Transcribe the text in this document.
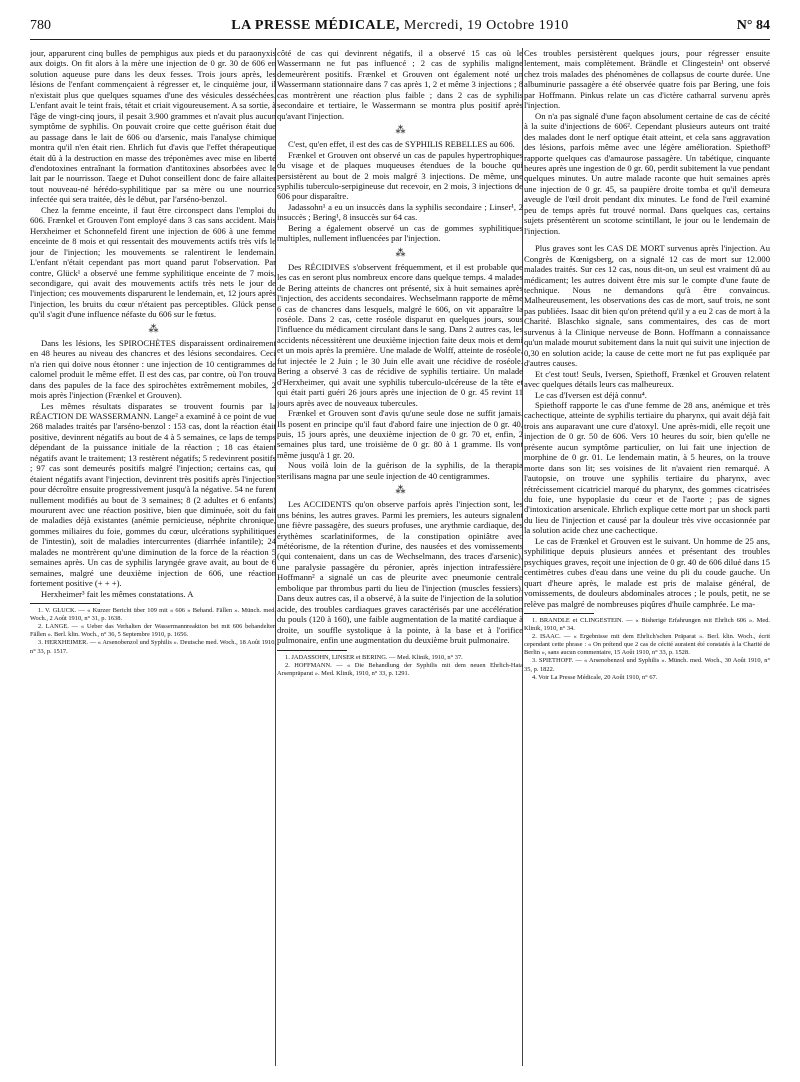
780	LA PRESSE MÉDICALE, Mercredi, 19 Octobre 1910	N° 84

jour, apparurent cinq bulles de pemphigus aux pieds et du paraonyxis aux doigts. On fit alors à la mère une injection de 0 gr. 30 de 606 en solution aqueuse pure dans les deux fesses. Trois jours après, les lésions de l'enfant commençaient à régresser et, le cinquième jour, il n'existait plus que quelques squames d'une des vésicules desséchées. L'enfant avait le teint frais, tétait et criait vigoureusement. A sa sortie, à l'âge de vingt-cinq jours, il pesait 3.900 grammes et n'avait plus aucun symptôme de syphilis. On pouvait croire que cette guérison était due au passage dans le lait de 606 ou d'arsenic, mais l'analyse chimique montra qu'il n'en était rien. Ehrlich fut d'avis que l'effet thérapeutique était dû à la destruction en masse des tréponèmes avec mise en liberté d'endotoxines entraînant la formation d'antitoxines absorbées avec le lait par le nourrisson. Taege et Duhot conseillent donc de faire allaiter tout nouveau-né hérédo-syphilitique par sa mère ou une nourrice infectée qui sera traitée, dès le début, par l'arséno-benzol.

Chez la femme enceinte, il faut être circonspect dans l'emploi du 606. Frænkel et Grouven l'ont employé dans 3 cas sans accident. Mais Herxheimer et Schonnefeld firent une injection de 606 à une femme enceinte de 8 mois et qui ressentait des mouvements actifs très vifs le jour de l'injection; les mouvements se ralentirent le lendemain. L'enfant n'était cependant pas mort quand parut l'observation. Par contre, Glück¹ a observé une femme syphilitique enceinte de 7 mois, secondigare, qui avait des mouvements actifs très nets le jour de l'injection; ces mouvements disparurent le lendemain, et, 12 jours après l'injection, les bruits du cœur n'étaient pas perceptibles. Glück pense qu'il s'agit d'une influence néfaste du 606 sur le fœtus.

⁂

Dans les lésions, les SPIROCHÈTES disparaissent ordinairement en 48 heures au niveau des chancres et des lésions secondaires. Ceci n'a rien qui doive nous étonner : une injection de 10 centigrammes de calomel produit le même effet. Il est des cas, par contre, où l'on trouva dans des papules de la face des spirochètes extrêmement mobiles, 2 mois après l'injection (Frænkel et Grouven).

Les mêmes résultats disparates se trouvent fournis par la RÉACTION DE WASSERMANN. Lange² a examiné à ce point de vue 268 malades traités par l'arséno-benzol : 153 cas, dont la réaction était positive, devinrent négatifs au bout de 4 à 5 semaines, ce laps de temps dépendant de la puissance initiale de la réaction ; 18 cas étaient négatifs avant le traitement; 13 restèrent négatifs; 5 redevinrent positifs ; 97 cas sont demeurés positifs malgré l'injection; certains cas, qui étaient négatifs avant l'injection, devinrent très positifs après l'injection pour décroître ensuite progressivement jusqu'à la négative. 54 ne furent nullement modifiés au bout de 3 semaines; 8 (2 adultes et 6 enfants) moururent avec une réaction positive, bien que diminuée, soit du fait de maladies déjà existantes (anémie pernicieuse, néphrite chronique, gommes miliaires du foie, gommes du cœur, ulcérations syphilitiques de l'intestin), soit de maladies intercurrentes (diarrhée infantile); 24 malades ne montrèrent qu'une diminution de la force de la réaction 5 semaines après. Un cas de syphilis laryngée grave avait, au bout de 6 semaines, malgré une deuxième injection de 606, une réaction fortement positive (+ + +).

Herxheimer³ fait les mêmes constatations. A

1. V. GLUCK. — « Kurzer Bericht über 109 mit « 606 » Behand. Fällen ». Münch. med. Woch., 2 Août 1910, n° 31, p. 1638.

2. LANGE. — « Ueber das Verhalten der Wassermannreaktion bei mit 606 behandelten Fällen ». Berl. klin. Woch., n° 36, 5 Septembre 1910, p. 1656.

3. HERXHEIMER. — « Arsenobenzol und Syphilis ». Deutsche med. Woch., 18 Août 1910, n° 33, p. 1517.

côté de cas qui devinrent négatifs, il a observé 15 cas où le Wassermann ne fut pas influencé ; 2 cas de syphilis maligne demeurèrent positifs. Frænkel et Grouven ont également noté un Wassermann stationnaire dans 7 cas après 1, 2 et même 3 injections ; 8 cas montrèrent une réaction plus faible ; dans 2 cas de syphilis secondaire et tertiaire, le Wassermann se montra plus positif après qu'avant l'injection.

⁂

C'est, qu'en effet, il est des cas de SYPHILIS REBELLES au 606.

Frænkel et Grouven ont observé un cas de papules hypertrophiques du visage et de plaques muqueuses étendues de la bouche qui persistèrent au bout de 2 mois malgré 3 injections. De même, une syphilis tuberculo-serpigineuse dut recevoir, en 2 mois, 3 injections de 606 pour disparaître.

Jadassohn¹ a eu un insuccès dans la syphilis secondaire ; Linser¹, 2 insuccès ; Bering¹, 8 insuccès sur 64 cas.

Bering a également observé un cas de gommes syphilitiques multiples, nullement influencées par l'injection.

⁂

Des RÉCIDIVES s'observent fréquemment, et il est probable que les cas en seront plus nombreux encore dans quelque temps. 4 malades de Bering atteints de chancres ont présenté, six à huit semaines après l'injection, des accidents secondaires. Wechselmann rapporte de même 6 cas de chancres dans lesquels, malgré le 606, on vit apparaître la roséole. Dans 2 cas, cette roséole disparut en quelques jours, sous l'influence du médicament circulant dans le sang. Dans 2 autres cas, les accidents nécessitèrent une deuxième injection faite deux mois et demi et un mois après la première. Une malade de Wolff, atteinte de roséole, fut injectée le 2 Juin ; le 30 Juin elle avait une récidive de roséole. Bering a observé 3 cas de récidive de syphilis tertiaire. Un malade d'Herxheimer, qui avait une syphilis tuberculo-ulcéreuse de la tête et qui était parti guéri 26 jours après une injection de 0 gr. 45 revint 11 jours après avec de nouveaux tubercules.

Frænkel et Grouven sont d'avis qu'une seule dose ne suffit jamais. Ils posent en principe qu'il faut d'abord faire une injection de 0 gr. 40, puis, 15 jours après, une deuxième injection de 0 gr. 70 et, enfin, 2 semaines plus tard, une troisième de 0 gr. 80 à 1 gramme. Ils vont même jusqu'à 1 gr. 20.

Nous voilà loin de la guérison de la syphilis, de la therapia sterilisans magna par une seule injection de 40 centigrammes.

⁂

Les ACCIDENTS qu'on observe parfois après l'injection sont, les uns bénins, les autres graves. Parmi les premiers, les auteurs signalent une fièvre passagère, des sueurs profuses, une arythmie cardiaque, des érythèmes scarlatiniformes, de la constipation opiniâtre avec météorisme, de la rétention d'urine, des nausées et des vomissements (qui contenaient, dans un cas de Wechselmann, des traces d'arsenic), une paralysie passagère du péronier, après injection intrafessière. Hoffmann² a signalé un cas de pleurite avec pneumonie centrale embolique par thrombus parti du lieu de l'injection (muscles fessiers). Dans deux autres cas, il a observé, à la suite de l'injection de la solution acide, des troubles cardiaques graves caractérisés par une accélération du pouls (120 à 160), une faible augmentation de la matité cardiaque à droite, un souffle systolique à la pointe, à la base et à l'orifice pulmonaire, enfin une augmentation du deuxième bruit pulmonaire.

1. JADASSOHN, LINSER et BERING. — Med. Klinik, 1910, n° 37.

2. HOFFMANN. — « Die Behandlung der Syphilis mit dem neuen Ehrlich-Hata Arsenpräparat ». Med. Klinik, 1910, n° 33, p. 1291.

Ces troubles persistèrent quelques jours, pour régresser ensuite lentement, mais complètement. Brändle et Clingestein¹ ont observé chez trois malades des phénomènes de collapsus de courte durée. Une albuminurie passagère a été observée quatre fois par Bering, une fois par Hoffmann. Pinkus relate un cas d'ictère catharral survenu après l'injection.

On n'a pas signalé d'une façon absolument certaine de cas de cécité à la suite d'injections de 606². Cependant plusieurs auteurs ont traité des malades dont le nerf optique était atteint, et cela sans aggravation des lésions, parfois même avec une légère amélioration. Spiethoff³ rapporte quelques cas d'amaurose passagère. Un tabétique, cinquante heures après une ingestion de 0 gr. 60, perdit subitement la vue pendant quelques minutes. Un autre malade raconte que huit semaines après une injection de 0 gr. 45, sa paupière droite tomba et qu'il demeura aveugle de l'œil droit pendant dix minutes. Le fond de l'œil examiné peu de temps après fut trouvé normal. Dans quelques cas, certains sujets présentèrent un scotome scintillant, le jour ou le lendemain de l'injection.

Plus graves sont les CAS DE MORT survenus après l'injection. Au Congrès de Kœnigsberg, on a signalé 12 cas de mort sur 12.000 malades traités. Sur ces 12 cas, nous dit-on, un seul est vraiment dû au médicament; les autres doivent être mis sur le compte d'une faute de technique. Nous ne demandons qu'à être convaincus. Malheureusement, les observations des cas de mort, sauf trois, ne sont pas publiées. Isaac dit bien qu'on prétend qu'il y a eu 2 cas de mort à la Charité. Blaschko signale, sans commentaires, des cas de mort survenus à la Clinique nerveuse de Bonn. Hoffmann a connaissance qu'un malade mourut subitement dans la nuit qui suivit une injection de 0,30 en solution acide; la cause de cette mort ne fut pas expliquée par d'autres causes.

Et c'est tout! Seuls, Iversen, Spiethoff, Frænkel et Grouven relatent avec quelques détails leurs cas malheureux.

Le cas d'Iversen est déjà connu⁴.

Spiethoff rapporte le cas d'une femme de 28 ans, anémique et très cachectique, atteinte de syphilis tertiaire du pharynx, qui avait déjà fait trois ans auparavant une cure d'atoxyl. Une après-midi, elle reçoit une injection de 0 gr. 50 de 606. Vers 10 heures du soir, bien qu'elle ne présente aucun symptôme particulier, on lui fait une injection de morphine de 0 gr. 01. Le lendemain matin, à 5 heures, on la trouve morte dans son lit; ses voisines de lit n'avaient rien remarqué. A l'autopsie, on trouve une syphilis tertiaire du pharynx, avec rétrécissement cicatriciel marqué du pharynx, des gommes cicatrisées du foie, une hypoplasie du cœur et de l'aorte ; pas de signes d'intoxication arsenicale. Ehrlich explique cette mort par un shock parti du lieu de l'injection et causé par la douleur très vive occasionnée par la solution acide chez une cachectique.

Le cas de Frænkel et Grouven est le suivant. Un homme de 25 ans, syphilitique depuis plusieurs années et présentant des troubles psychiques graves, reçoit une injection de 0 gr. 40 de 606 dilué dans 15 centimètres cubes d'eau dans une veine du pli du coude gauche. Un quart d'heure après, le malade est pris de malaise général, de vomissements, de douleurs abdominales atroces ; le pouls, petit, ne se relève pas malgré de nombreuses piqûres d'huile camphrée. Le ma-

1. BRANDLE et CLINGESTEIN. — « Bisherige Erfahrungen mit Ehrlich 606 ». Med. Klinik, 1910, n° 34.

2. ISAAC. — « Ergebnisse mit dem Ehrlich'schen Präparat ». Berl. klin. Woch., écrit cependant cette phrase : « On prétend que 2 cas de cécité auraient été constatés à la Charité de Berlin », sans aucun commentaire, 15 Août 1910, n° 33, p. 1528.

3. SPIETHOFF. — « Arsenobenzol und Syphilis ». Münch. med. Woch., 30 Août 1910, n° 35, p. 1822.

4. Voir La Presse Médicale, 20 Août 1910, n° 67.
